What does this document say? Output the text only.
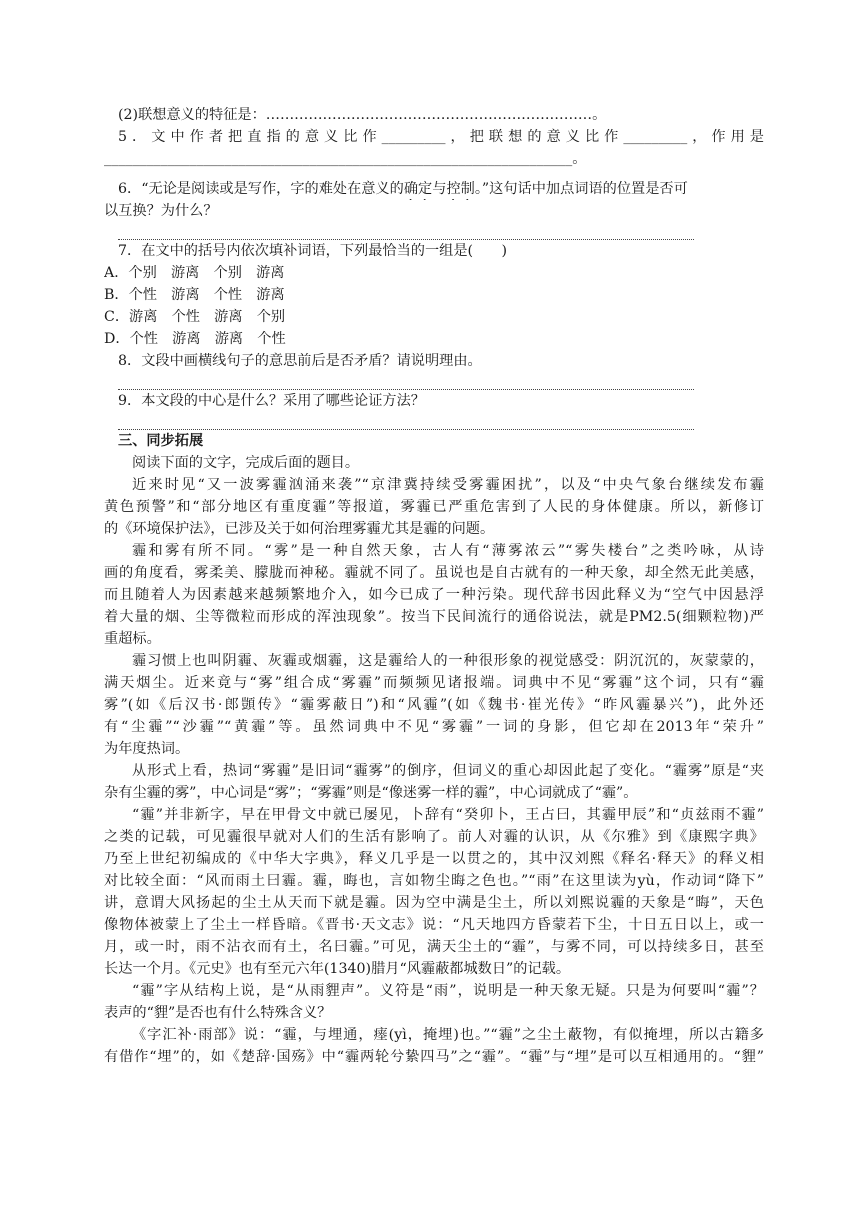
(2)联想意义的特征是：……………………………………………………………。
5．文中作者把直指的意义比作_________，把联想的意义比作_________，作用是
__________________________________________________________________。
6．“无论是阅读或是写作，字的难处在意义的确定与控制。”这句话中加点词语的位置是否可
以互换？为什么？
7．在文中的括号内依次填补词语，下列最恰当的一组是(　　)
A．个别　游离　个别　游离
B．个性　游离　个性　游离
C．游离　个性　游离　个别
D．个性　游离　游离　个性
8．文段中画横线句子的意思前后是否矛盾？请说明理由。
9．本文段的中心是什么？采用了哪些论证方法？
三、同步拓展
阅读下面的文字，完成后面的题目。
近来时见“又一波雾霾汹涌来袭”“京津冀持续受雾霾困扰”，以及“中央气象台继续发布霾
黄色预警”和“部分地区有重度霾”等报道，雾霾已严重危害到了人民的身体健康。所以，新修订
的《环境保护法》，已涉及关于如何治理雾霾尤其是霾的问题。
霾和雾有所不同。“雾”是一种自然天象，古人有“薄雾浓云”“雾失楼台”之类吟咏，从诗
画的角度看，雾柔美、朦胧而神秘。霾就不同了。虽说也是自古就有的一种天象，却全然无此美感，
而且随着人为因素越来越频繁地介入，如今已成了一种污染。现代辞书因此释义为“空气中因悬浮
着大量的烟、尘等微粒而形成的浑浊现象”。按当下民间流行的通俗说法，就是PM2.5(细颗粒物)严
重超标。
霾习惯上也叫阴霾、灰霾或烟霾，这是霾给人的一种很形象的视觉感受：阴沉沉的，灰蒙蒙的，
满天烟尘。近来竟与“雾”组合成“雾霾”而频频见诸报端。词典中不见“雾霾”这个词，只有“霾
雾”(如《后汉书·郎顗传》“霾雾蔽日”)和“风霾”(如《魏书·崔光传》“昨风霾暴兴”)，此外还
有“尘霾”“沙霾”“黄霾”等。虽然词典中不见“雾霾”一词的身影，但它却在2013年“荣升”
为年度热词。
从形式上看，热词“雾霾”是旧词“霾雾”的倒序，但词义的重心却因此起了变化。“霾雾”原是“夹
杂有尘霾的雾”，中心词是“雾”；“雾霾”则是“像迷雾一样的霾”，中心词就成了“霾”。
“霾”并非新字，早在甲骨文中就已屡见，卜辞有“癸卯卜，王占曰，其霾甲辰”和“贞兹雨不霾”
之类的记载，可见霾很早就对人们的生活有影响了。前人对霾的认识，从《尔雅》到《康熙字典》
乃至上世纪初编成的《中华大字典》，释义几乎是一以贯之的，其中汉刘熙《释名·释天》的释义相
对比较全面：“风而雨土曰霾。霾，晦也，言如物尘晦之色也。”“雨”在这里读为yù，作动词“降下”
讲，意谓大风扬起的尘土从天而下就是霾。因为空中满是尘土，所以刘熙说霾的天象是“晦”，天色
像物体被蒙上了尘土一样昏暗。《晋书·天文志》说：“凡天地四方昏蒙若下尘，十日五日以上，或一
月，或一时，雨不沾衣而有土，名曰霾。”可见，满天尘土的“霾”，与雾不同，可以持续多日，甚至
长达一个月。《元史》也有至元六年(1340)腊月“风霾蔽都城数日”的记载。
“霾”字从结构上说，是“从雨貍声”。义符是“雨”，说明是一种天象无疑。只是为何要叫“霾”？
表声的“貍”是否也有什么特殊含义？
《字汇补·雨部》说：“霾，与埋通，瘗(yì，掩埋)也。”“霾”之尘土蔽物，有似掩埋，所以古籍多
有借作“埋”的，如《楚辞·国殇》中“霾两轮兮絷四马”之“霾”。“霾”与“埋”是可以互相通用的。“貍”
